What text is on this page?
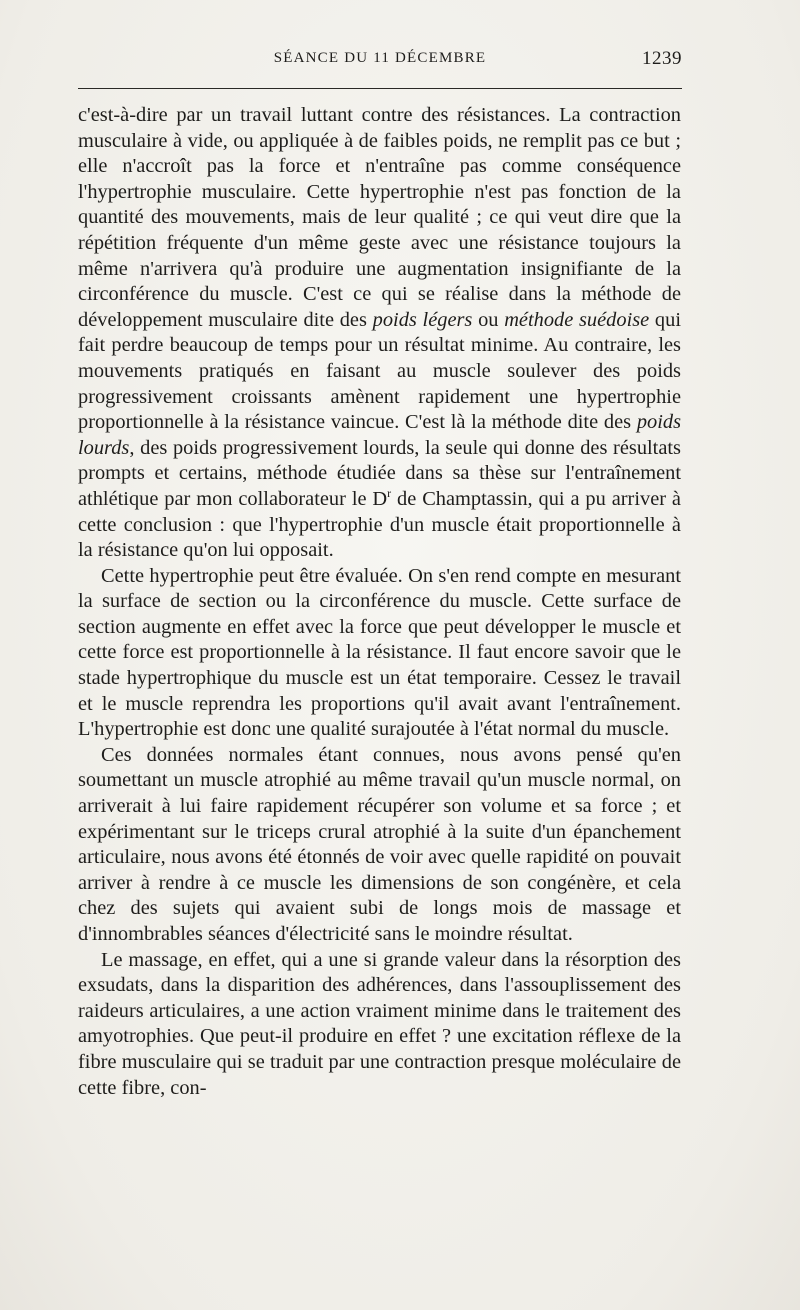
SÉANCE DU 11 DÉCEMBRE	1239

c'est-à-dire par un travail luttant contre des résistances. La contraction musculaire à vide, ou appliquée à de faibles poids, ne remplit pas ce but ; elle n'accroît pas la force et n'entraîne pas comme conséquence l'hypertrophie musculaire. Cette hypertrophie n'est pas fonction de la quantité des mouvements, mais de leur qualité ; ce qui veut dire que la répétition fréquente d'un même geste avec une résistance toujours la même n'arrivera qu'à produire une augmentation insignifiante de la circonférence du muscle. C'est ce qui se réalise dans la méthode de développement musculaire dite des poids légers ou méthode suédoise qui fait perdre beaucoup de temps pour un résultat minime. Au contraire, les mouvements pratiqués en faisant au muscle soulever des poids progressivement croissants amènent rapidement une hypertrophie proportionnelle à la résistance vaincue. C'est là la méthode dite des poids lourds, des poids progressivement lourds, la seule qui donne des résultats prompts et certains, méthode étudiée dans sa thèse sur l'entraînement athlétique par mon collaborateur le $D^r$ de Champtassin, qui a pu arriver à cette conclusion : que l'hypertrophie d'un muscle était proportionnelle à la résistance qu'on lui opposait.

Cette hypertrophie peut être évaluée. On s'en rend compte en mesurant la surface de section ou la circonférence du muscle. Cette surface de section augmente en effet avec la force que peut développer le muscle et cette force est proportionnelle à la résistance. Il faut encore savoir que le stade hypertrophique du muscle est un état temporaire. Cessez le travail et le muscle reprendra les proportions qu'il avait avant l'entraînement. L'hypertrophie est donc une qualité surajoutée à l'état normal du muscle.

Ces données normales étant connues, nous avons pensé qu'en soumettant un muscle atrophié au même travail qu'un muscle normal, on arriverait à lui faire rapidement récupérer son volume et sa force ; et expérimentant sur le triceps crural atrophié à la suite d'un épanchement articulaire, nous avons été étonnés de voir avec quelle rapidité on pouvait arriver à rendre à ce muscle les dimensions de son congénère, et cela chez des sujets qui avaient subi de longs mois de massage et d'innombrables séances d'électricité sans le moindre résultat.

Le massage, en effet, qui a une si grande valeur dans la résorption des exsudats, dans la disparition des adhérences, dans l'assouplissement des raideurs articulaires, a une action vraiment minime dans le traitement des amyotrophies. Que peut-il produire en effet ? une excitation réflexe de la fibre musculaire qui se traduit par une contraction presque moléculaire de cette fibre, con-
